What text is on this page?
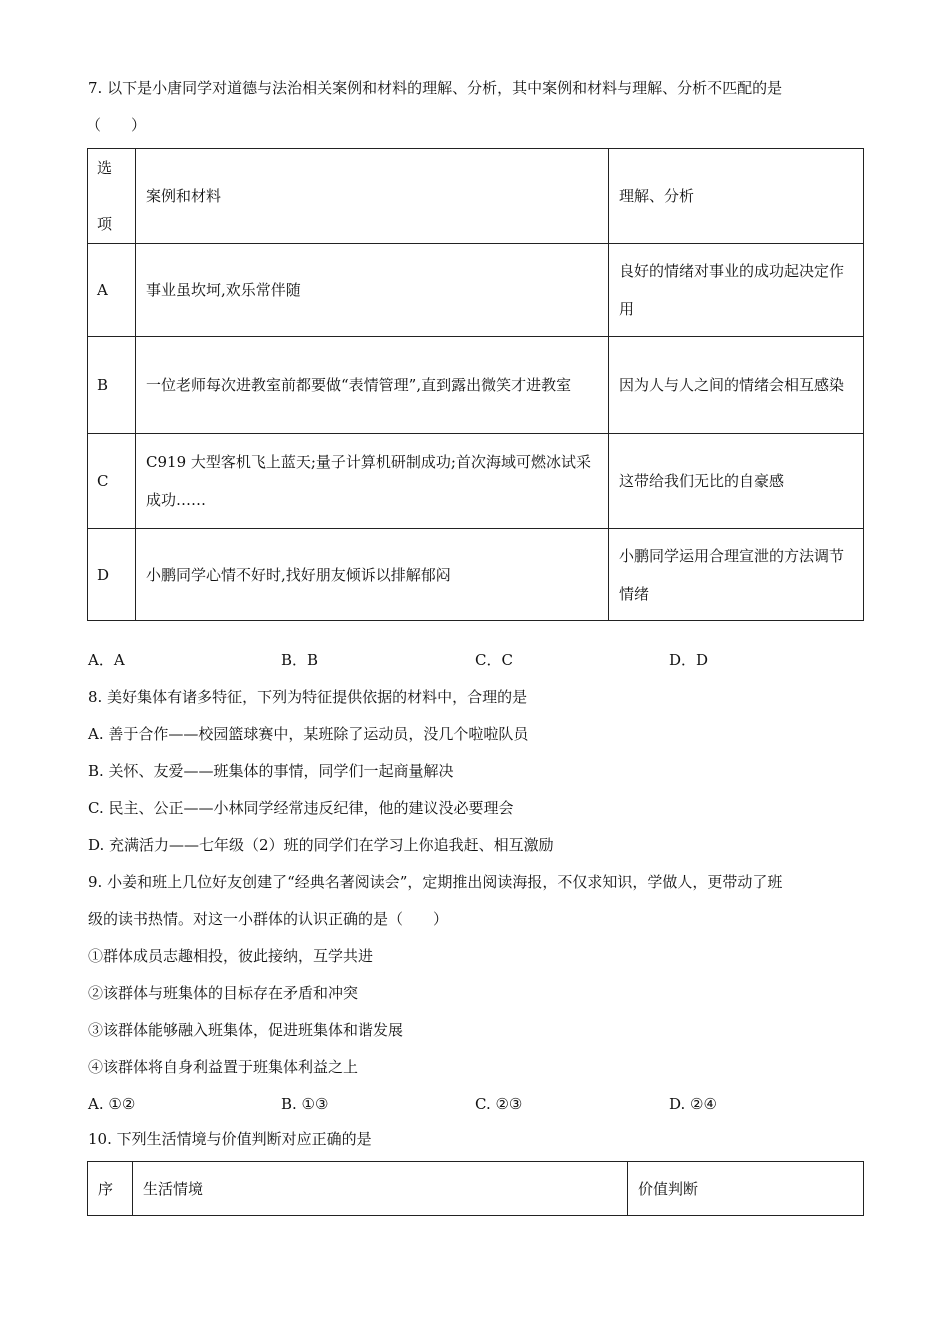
7. 以下是小唐同学对道德与法治相关案例和材料的理解、分析，其中案例和材料与理解、分析不匹配的是
（　　）
选
项	案例和材料	理解、分析
A	事业虽坎坷,欢乐常伴随	良好的情绪对事业的成功起决定作用

B	一位老师每次进教室前都要做“表情管理”,直到露出微笑才进教室	因为人与人之间的情绪会相互感染

C	C919 大型客机飞上蓝天;量子计算机研制成功;首次海域可燃冰试采成功……	这带给我们无比的自豪感
D	小鹏同学心情不好时,找好朋友倾诉以排解郁闷	小鹏同学运用合理宣泄的方法调节情绪
A．A	B．B	C．C	D．D
8. 美好集体有诸多特征，下列为特征提供依据的材料中，合理的是
A. 善于合作——校园篮球赛中，某班除了运动员，没几个啦啦队员
B. 关怀、友爱——班集体的事情，同学们一起商量解决
C. 民主、公正——小林同学经常违反纪律，他的建议没必要理会
D. 充满活力——七年级（2）班的同学们在学习上你追我赶、相互激励
9. 小姜和班上几位好友创建了“经典名著阅读会”，定期推出阅读海报，不仅求知识，学做人，更带动了班
级的读书热情。对这一小群体的认识正确的是（　　）
①群体成员志趣相投，彼此接纳，互学共进
②该群体与班集体的目标存在矛盾和冲突
③该群体能够融入班集体，促进班集体和谐发展
④该群体将自身利益置于班集体利益之上
A. ①②	B. ①③	C. ②③	D. ②④
10. 下列生活情境与价值判断对应正确的是
序	生活情境	价值判断
